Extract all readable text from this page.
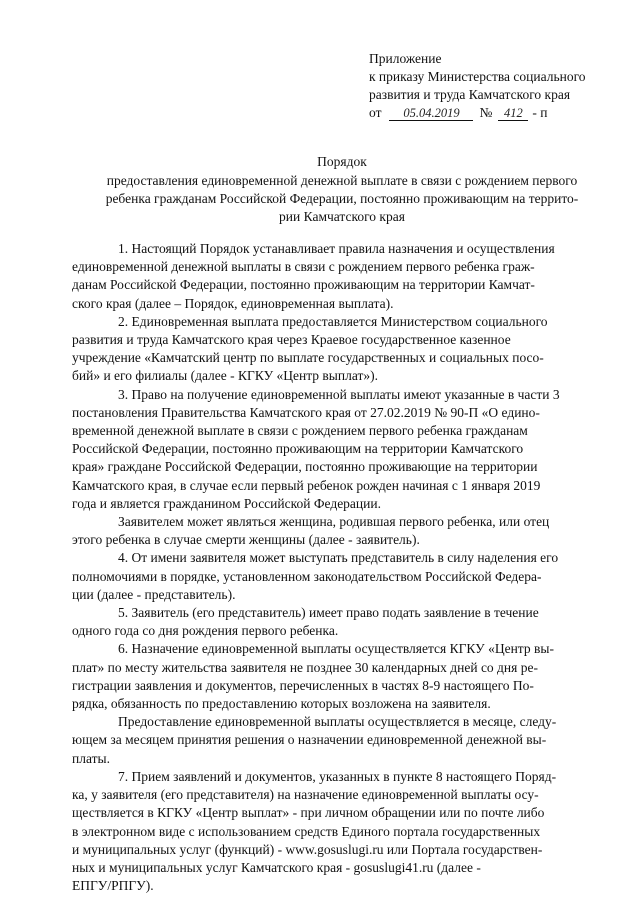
Приложение
к приказу Министерства социального
развития и труда Камчатского края
от 05.04.2019 № 412 - п
Порядок
предоставления единовременной денежной выплате в связи с рождением первого
ребенка гражданам Российской Федерации, постоянно проживающим на террито-
рии Камчатского края

1. Настоящий Порядок устанавливает правила назначения и осуществления
единовременной денежной выплаты в связи с рождением первого ребенка граж-
данам Российской Федерации, постоянно проживающим на территории Камчат-
ского края (далее – Порядок, единовременная выплата).

2. Единовременная выплата предоставляется Министерством социального
развития и труда Камчатского края через Краевое государственное казенное
учреждение «Камчатский центр по выплате государственных и социальных посо-
бий» и его филиалы (далее - КГКУ «Центр выплат»).

3. Право на получение единовременной выплаты имеют указанные в части 3
постановления Правительства Камчатского края от 27.02.2019 № 90-П «О едино-
временной денежной выплате в связи с рождением первого ребенка гражданам
Российской Федерации, постоянно проживающим на территории Камчатского
края» граждане Российской Федерации, постоянно проживающие на территории
Камчатского края, в случае если первый ребенок рожден начиная с 1 января 2019
года и является гражданином Российской Федерации.

Заявителем может являться женщина, родившая первого ребенка, или отец
этого ребенка в случае смерти женщины (далее - заявитель).

4. От имени заявителя может выступать представитель в силу наделения его
полномочиями в порядке, установленном законодательством Российской Федера-
ции (далее - представитель).

5. Заявитель (его представитель) имеет право подать заявление в течение
одного года со дня рождения первого ребенка.

6. Назначение единовременной выплаты осуществляется КГКУ «Центр вы-
плат» по месту жительства заявителя не позднее 30 календарных дней со дня ре-
гистрации заявления и документов, перечисленных в частях 8-9 настоящего По-
рядка, обязанность по предоставлению которых возложена на заявителя.

Предоставление единовременной выплаты осуществляется в месяце, следу-
ющем за месяцем принятия решения о назначении единовременной денежной вы-
платы.

7. Прием заявлений и документов, указанных в пункте 8 настоящего Поряд-
ка, у заявителя (его представителя) на назначение единовременной выплаты осу-
ществляется в КГКУ «Центр выплат» - при личном обращении или по почте либо
в электронном виде с использованием средств Единого портала государственных
и муниципальных услуг (функций) - www.gosuslugi.ru или Портала государствен-
ных и муниципальных услуг Камчатского края - gosuslugi41.ru (далее -
ЕПГУ/РПГУ).
